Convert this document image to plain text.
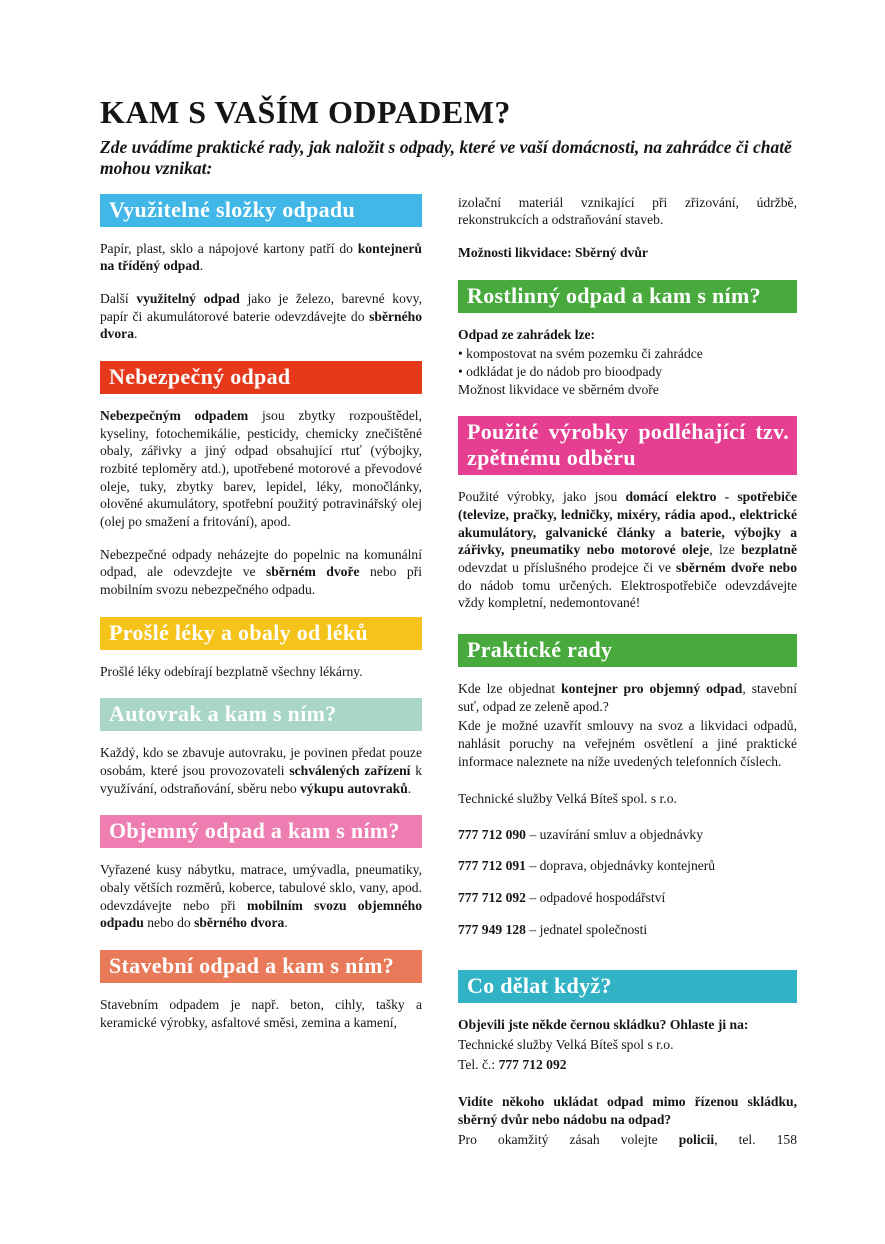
KAM S VAŠÍM ODPADEM?

Zde uvádíme praktické rady, jak naložit s odpady, které ve vaší domácnosti, na zahrádce či chatě mohou vznikat:

Využitelné složky odpadu

Papír, plast, sklo a nápojové kartony patří do kontejnerů na tříděný odpad.

Další využitelný odpad jako je železo, barevné kovy, papír či akumulátorové baterie odevzdávejte do sběrného dvora.

Nebezpečný odpad

Nebezpečným odpadem jsou zbytky rozpouštědel, kyseliny, fotochemikálie, pesticidy, chemicky znečištěné obaly, zářivky a jiný odpad obsahující rtuť (výbojky, rozbité teploměry atd.), upotřebené motorové a převodové oleje, tuky, zbytky barev, lepidel, léky, monočlánky, olověné akumulátory, spotřební použitý potravinářský olej (olej po smažení a fritování), apod.

Nebezpečné odpady neházejte do popelnic na komunální odpad, ale odevzdejte ve sběrném dvoře nebo při mobilním svozu nebezpečného odpadu.

Prošlé léky a obaly od léků

Prošlé léky odebírají bezplatně všechny lékárny.

Autovrak a kam s ním?

Každý, kdo se zbavuje autovraku, je povinen předat pouze osobám, které jsou provozovateli schválených zařízení k využívání, odstraňování, sběru nebo výkupu autovraků.

Objemný odpad a kam s ním?

Vyřazené kusy nábytku, matrace, umývadla, pneumatiky, obaly větších rozměrů, koberce, tabulové sklo, vany, apod. odevzdávejte nebo při mobilním svozu objemného odpadu nebo do sběrného dvora.

Stavební odpad a kam s ním?

Stavebním odpadem je např. beton, cihly, tašky a keramické výrobky, asfaltové směsi, zemina a kamení,

izolační materiál vznikající při zřizování, údržbě, rekonstrukcích a odstraňování staveb.

Možnosti likvidace: Sběrný dvůr

Rostlinný odpad a kam s ním?

Odpad ze zahrádek lze:

• kompostovat na svém pozemku či zahrádce
• odkládat je do nádob pro bioodpady

Možnost likvidace ve sběrném dvoře

Použité výrobky podléhající tzv. zpětnému odběru

Použité výrobky, jako jsou domácí elektro - spotřebiče (televize, pračky, ledničky, mixéry, rádia apod., elektrické akumulátory, galvanické články a baterie, výbojky a zářivky, pneumatiky nebo motorové oleje, lze bezplatně odevzdat u příslušného prodejce či ve sběrném dvoře nebo do nádob tomu určených. Elektrospotřebiče odevzdávejte vždy kompletní, nedemontované!

Praktické rady

Kde lze objednat kontejner pro objemný odpad, stavební suť, odpad ze zeleně apod.?

Kde je možné uzavřít smlouvy na svoz a likvidaci odpadů, nahlásit poruchy na veřejném osvětlení a jiné praktické informace naleznete na níže uvedených telefonních číslech.

Technické služby Velká Bíteš spol. s r.o.

777 712 090 – uzavírání smluv a objednávky

777 712 091 – doprava, objednávky kontejnerů

777 712 092 – odpadové hospodářství

777 949 128 – jednatel společnosti

Co dělat když?

Objevili jste někde černou skládku? Ohlaste ji na:

Technické služby Velká Bíteš spol s r.o.

Tel. č.: 777 712 092

Vidíte někoho ukládat odpad mimo řízenou skládku, sběrný dvůr nebo nádobu na odpad?

Pro okamžitý zásah volejte policii, tel. 158
